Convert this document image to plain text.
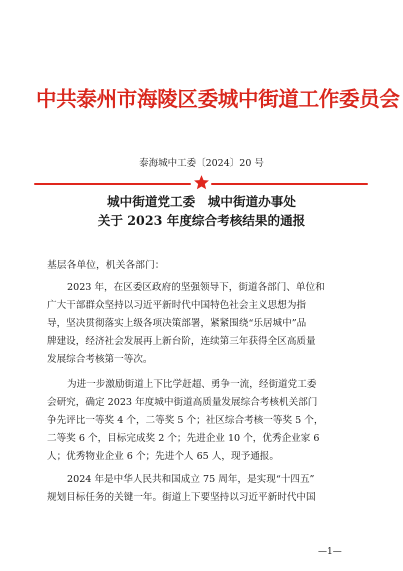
中共泰州市海陵区委城中街道工作委员会
泰海城中工委〔2024〕20 号
城中街道党工委　城中街道办事处
关于 2023 年度综合考核结果的通报
基层各单位，机关各部门：
2023 年，在区委区政府的坚强领导下，街道各部门、单位和
广大干部群众坚持以习近平新时代中国特色社会主义思想为指
导，坚决贯彻落实上级各项决策部署，紧紧围绕“乐居城中”品
牌建设，经济社会发展再上新台阶，连续第三年获得全区高质量
发展综合考核第一等次。
为进一步激励街道上下比学赶超、勇争一流，经街道党工委
会研究，确定 2023 年度城中街道高质量发展综合考核机关部门
争先评比一等奖 4 个，二等奖 5 个；社区综合考核一等奖 5 个，
二等奖 6 个，目标完成奖 2 个；先进企业 10 个，优秀企业家 6
人；优秀物业企业 6 个；先进个人 65 人，现予通报。
2024 年是中华人民共和国成立 75 周年，是实现“十四五”
规划目标任务的关键一年。街道上下要坚持以习近平新时代中国
—1—
